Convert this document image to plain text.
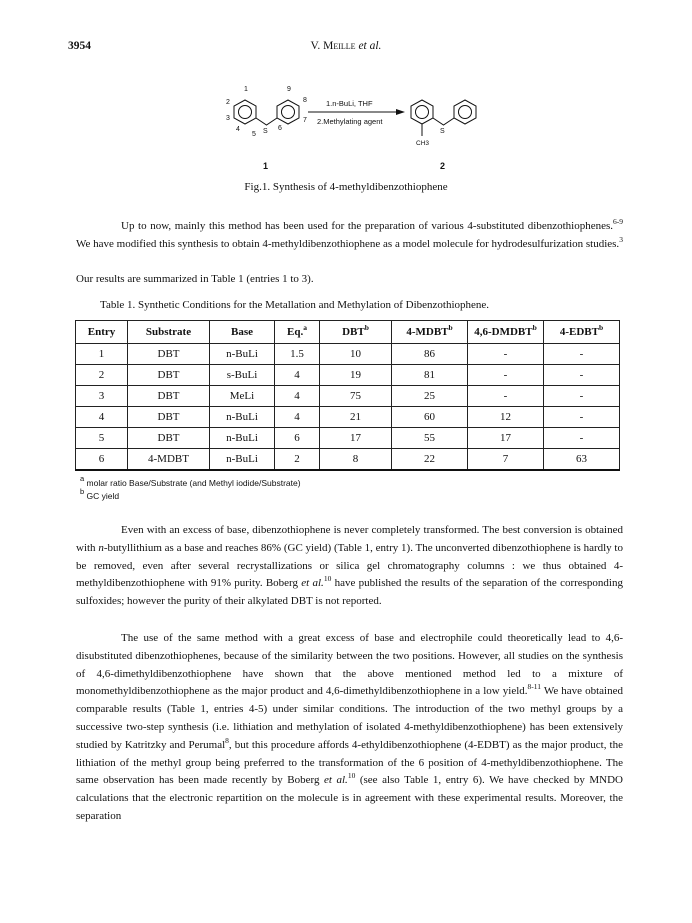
3954	V. Meille et al.
1
2
3
4
5
6
7
8
9
S	S
CH3
1.n-BuLi, THF
2.Methylating agent
1	2
Fig.1. Synthesis of 4-methyldibenzothiophene

Up to now, mainly this method has been used for the preparation of various 4-substituted dibenzothiophenes.$^{6-9}$ We have modified this synthesis to obtain 4-methyldibenzothiophene as a model molecule for hydrodesulfurization studies.$^3$

Our results are summarized in Table 1 (entries 1 to 3).

Table 1. Synthetic Conditions for the Metallation and Methylation of Dibenzothiophene.
Entry	Substrate	Base	Eq.$^a$	DBT$^b$	4-MDBT$^b$	4,6-DMDBT$^b$	4-EDBT$^b$
1	DBT	n-BuLi	1.5	10	86	-	-
2	DBT	s-BuLi	4	19	81	-	-
3	DBT	MeLi	4	75	25	-	-
4	DBT	n-BuLi	4	21	60	12	-
5	DBT	n-BuLi	6	17	55	17	-
6	4-MDBT	n-BuLi	2	8	22	7	63
$^a$ molar ratio Base/Substrate (and Methyl iodide/Substrate)
$^b$ GC yield

Even with an excess of base, dibenzothiophene is never completely transformed. The best conversion is obtained with n-butyllithium as a base and reaches 86% (GC yield) (Table 1, entry 1). The unconverted dibenzothiophene is hardly to be removed, even after several recrystallizations or silica gel chromatography columns : we thus obtained 4-methyldibenzothiophene with 91% purity. Boberg et al.$^{10}$ have published the results of the separation of the corresponding sulfoxides; however the purity of their alkylated DBT is not reported.

The use of the same method with a great excess of base and electrophile could theoretically lead to 4,6-disubstituted dibenzothiophenes, because of the similarity between the two positions. However, all studies on the synthesis of 4,6-dimethyldibenzothiophene have shown that the above mentioned method led to a mixture of monomethyldibenzothiophene as the major product and 4,6-dimethyldibenzothiophene in a low yield.$^{8-11}$ We have obtained comparable results (Table 1, entries 4-5) under similar conditions. The introduction of the two methyl groups by a successive two-step synthesis (i.e. lithiation and methylation of isolated 4-methyldibenzothiophene) has been extensively studied by Katritzky and Perumal$^8$, but this procedure affords 4-ethyldibenzothiophene (4-EDBT) as the major product, the lithiation of the methyl group being preferred to the transformation of the 6 position of 4-methyldibenzothiophene. The same observation has been made recently by Boberg et al.$^{10}$ (see also Table 1, entry 6). We have checked by MNDO calculations that the electronic repartition on the molecule is in agreement with these experimental results. Moreover, the separation
